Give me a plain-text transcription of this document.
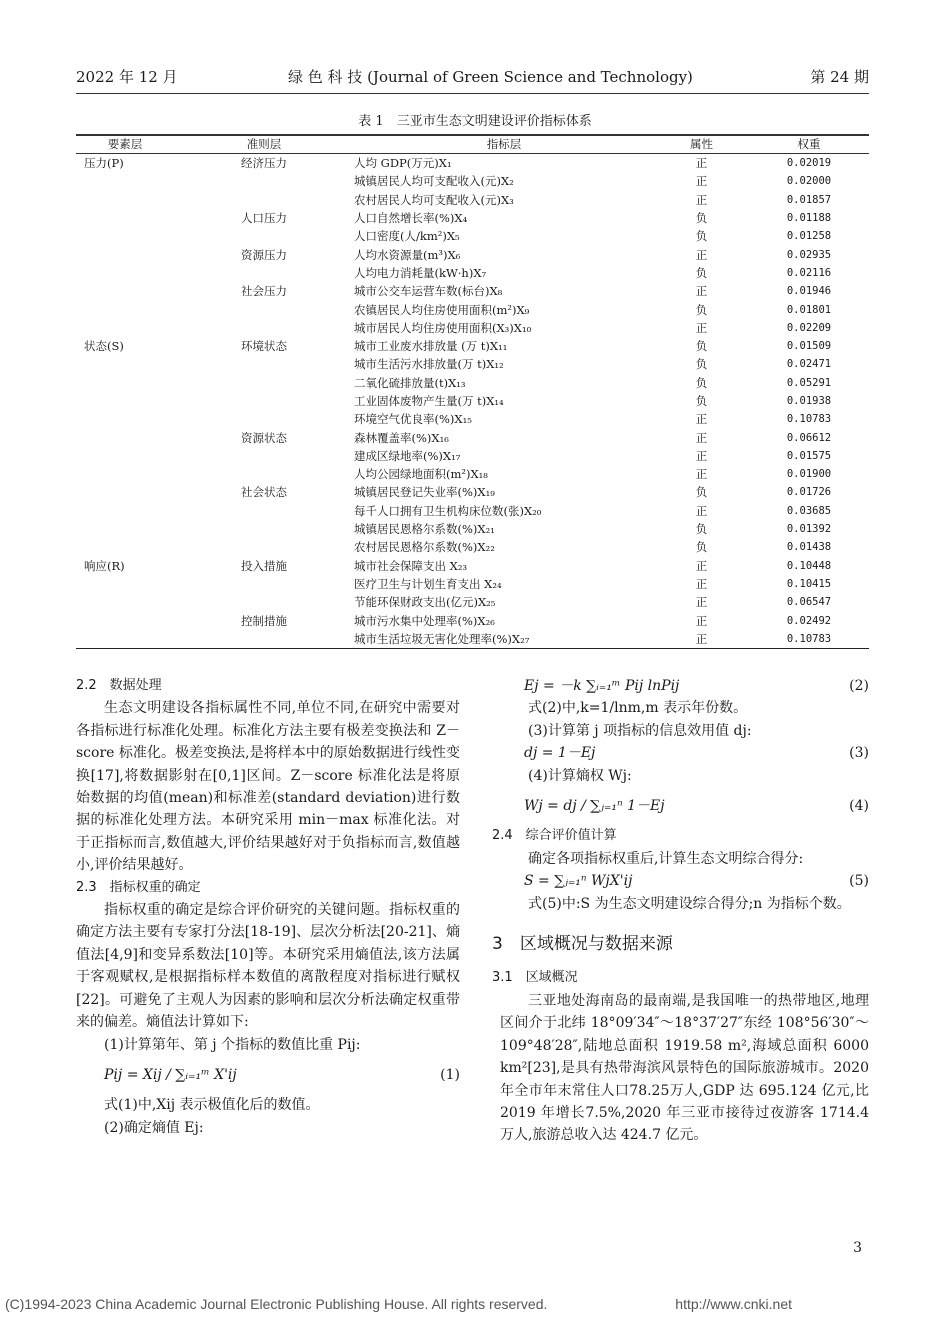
2022 年 12 月	绿 色 科 技 (Journal of Green Science and Technology)	第 24 期
表 1　三亚市生态文明建设评价指标体系
要素层	准则层	指标层	属性	权重
压力(P)	经济压力	人均 GDP(万元)X₁	正	0.02019
		城镇居民人均可支配收入(元)X₂	正	0.02000
		农村居民人均可支配收入(元)X₃	正	0.01857
	人口压力	人口自然增长率(%)X₄	负	0.01188
		人口密度(人/km²)X₅	负	0.01258
	资源压力	人均水资源量(m³)X₆	正	0.02935
		人均电力消耗量(kW·h)X₇	负	0.02116
	社会压力	城市公交车运营车数(标台)X₈	正	0.01946
		农镇居民人均住房使用面积(m²)X₉	负	0.01801
		城市居民人均住房使用面积(X₃)X₁₀	正	0.02209
状态(S)	环境状态	城市工业废水排放量 (万 t)X₁₁	负	0.01509
		城市生活污水排放量(万 t)X₁₂	负	0.02471
		二氧化硫排放量(t)X₁₃	负	0.05291
		工业固体废物产生量(万 t)X₁₄	负	0.01938
		环境空气优良率(%)X₁₅	正	0.10783
	资源状态	森林覆盖率(%)X₁₆	正	0.06612
		建成区绿地率(%)X₁₇	正	0.01575
		人均公园绿地面积(m²)X₁₈	正	0.01900
	社会状态	城镇居民登记失业率(%)X₁₉	负	0.01726
		每千人口拥有卫生机构床位数(张)X₂₀	正	0.03685
		城镇居民恩格尔系数(%)X₂₁	负	0.01392
		农村居民恩格尔系数(%)X₂₂	负	0.01438
响应(R)	投入措施	城市社会保障支出 X₂₃	正	0.10448
		医疗卫生与计划生育支出 X₂₄	正	0.10415
		节能环保财政支出(亿元)X₂₅	正	0.06547
	控制措施	城市污水集中处理率(%)X₂₆	正	0.02492
		城市生活垃圾无害化处理率(%)X₂₇	正	0.10783

2.2　数据处理

生态文明建设各指标属性不同,单位不同,在研究中需要对各指标进行标准化处理。标准化方法主要有极差变换法和 Z－score 标准化。极差变换法,是将样本中的原始数据进行线性变换[17],将数据影射在[0,1]区间。Z－score 标准化法是将原始数据的均值(mean)和标准差(standard deviation)进行数据的标准化处理方法。本研究采用 min－max 标准化法。对于正指标而言,数值越大,评价结果越好对于负指标而言,数值越小,评价结果越好。

2.3　指标权重的确定

指标权重的确定是综合评价研究的关键问题。指标权重的确定方法主要有专家打分法[18-19]、层次分析法[20-21]、熵值法[4,9]和变异系数法[10]等。本研究采用熵值法,该方法属于客观赋权,是根据指标样本数值的离散程度对指标进行赋权[22]。可避免了主观人为因素的影响和层次分析法确定权重带来的偏差。熵值法计算如下:

(1)计算第年、第 j 个指标的数值比重 Pij:

Pij = Xij / ∑ᵢ₌₁ᵐ X'ij	(1)

式(1)中,Xij 表示极值化后的数值。

(2)确定熵值 Ej:

Ej = －k ∑ᵢ₌₁ᵐ Pij lnPij	(2)

式(2)中,k=1/lnm,m 表示年份数。

(3)计算第 j 项指标的信息效用值 dj:

dj = 1－Ej	(3)

(4)计算熵权 Wj:

Wj = dj / ∑ⱼ₌₁ⁿ 1－Ej	(4)

2.4　综合评价值计算

确定各项指标权重后,计算生态文明综合得分:

S = ∑ⱼ₌₁ⁿ WjX'ij	(5)

式(5)中:S 为生态文明建设综合得分;n 为指标个数。

3　区域概况与数据来源

3.1　区域概况

三亚地处海南岛的最南端,是我国唯一的热带地区,地理区间介于北纬 18°09′34″～18°37′27″东经 108°56′30″～109°48′28″,陆地总面积 1919.58 m²,海域总面积 6000 km²[23],是具有热带海滨风景特色的国际旅游城市。2020 年全市年末常住人口78.25万人,GDP 达 695.124 亿元,比 2019 年增长7.5%,2020 年三亚市接待过夜游客 1714.4 万人,旅游总收入达 424.7 亿元。

3
(C)1994-2023 China Academic Journal Electronic Publishing House. All rights reserved.	http://www.cnki.net
